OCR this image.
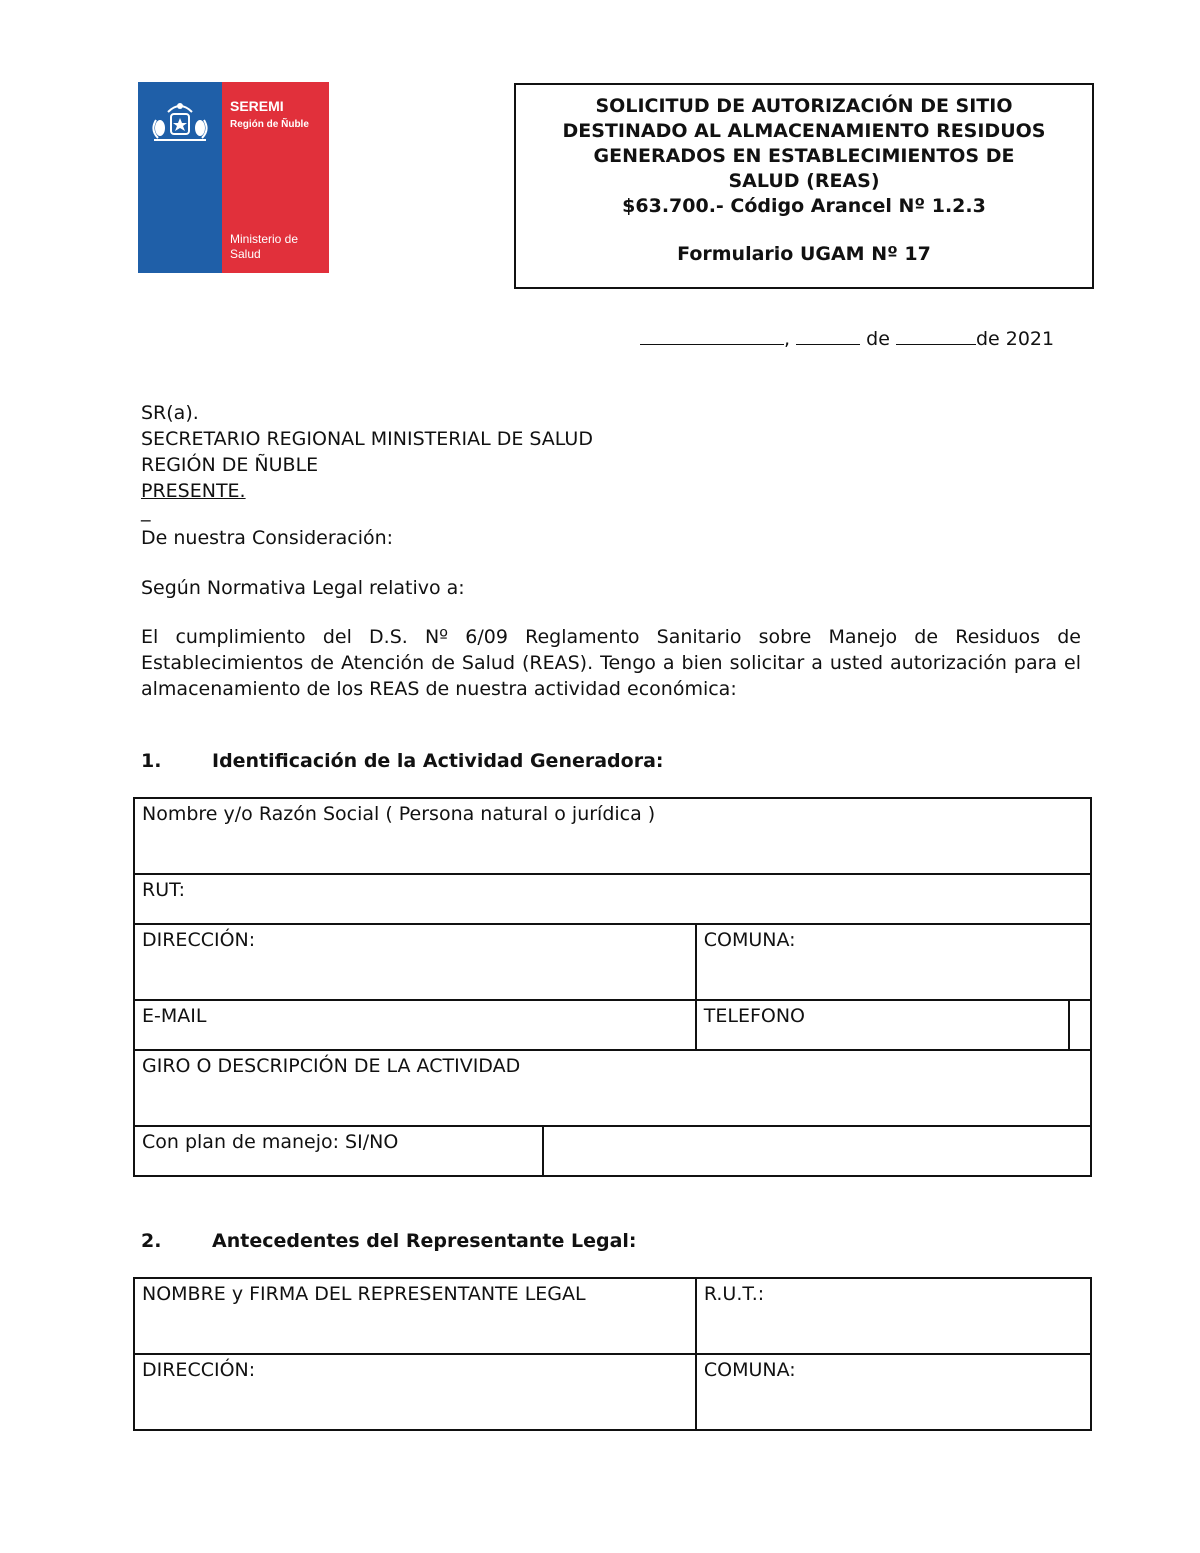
SEREMI
Región de Ñuble
Ministerio de Salud
SOLICITUD DE AUTORIZACIÓN DE SITIO
DESTINADO AL ALMACENAMIENTO RESIDUOS
GENERADOS EN ESTABLECIMIENTOS DE
SALUD (REAS)
$63.700.- Código Arancel Nº 1.2.3
Formulario UGAM Nº 17
,	de	de 2021
SR(a).
SECRETARIO REGIONAL MINISTERIAL DE SALUD
REGIÓN DE ÑUBLE
PRESENTE.
_
De nuestra Consideración:
Según Normativa Legal relativo a:
El cumplimiento del D.S. Nº 6/09 Reglamento Sanitario sobre Manejo de Residuos de Establecimientos de Atención de Salud (REAS). Tengo a bien solicitar a usted autorización para el almacenamiento de los REAS de nuestra actividad económica:
1.	Identificación de la Actividad Generadora:
Nombre y/o Razón Social ( Persona natural o jurídica )			
RUT:			
DIRECCIÓN:		COMUNA:	
E-MAIL		TELEFONO	
GIRO O DESCRIPCIÓN DE LA ACTIVIDAD			
Con plan de manejo: SI/NO			
2.	Antecedentes del Representante Legal:
NOMBRE y FIRMA DEL REPRESENTANTE LEGAL	R.U.T.:
DIRECCIÓN:	COMUNA:
